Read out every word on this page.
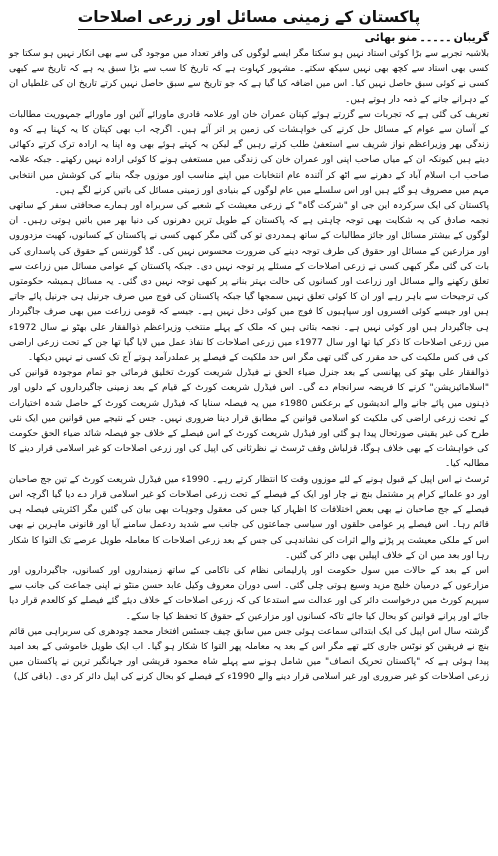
پاکستان کے زمینی مسائل اور زرعی اصلاحات
گریبان۔۔۔۔۔منو بھائی

بلاشبہ تجربے سے بڑا کوئی استاد نہیں ہو سکتا مگر ایسے لوگوں کی وافر تعداد میں موجود گی سے بھی انکار نہیں ہو سکتا جو کسی بھی استاد سے کچھ بھی نہیں سیکھ سکتے۔ مشہور کہاوت ہے کہ تاریخ کا سب سے بڑا سبق یہ ہے کہ تاریخ سے کبھی کسی نے کوئی سبق حاصل نہیں کیا۔ اس میں اضافہ کیا گیا ہے کہ جو تاریخ سے سبق حاصل نہیں کرتے تاریخ ان کی غلطیاں ان کے دہرانے جانے کے ذمہ دار ہوتے ہیں۔

تعریف کی گئی ہے کہ تجربات سے گزرتے ہوئے کپتان عمران خان اور علامہ قادری ماورائے آئین اور ماورائے جمہوریت مطالبات کے آسان سے عوام کے مسائل حل کرنے کی خواہشات کی زمین پر اتر آئے ہیں۔ اگرچہ اب بھی کپتان کا یہ کہنا ہے کہ وہ زندگی بھر وزیراعظم نواز شریف سے استعفیٰ طلب کرتے رہیں گے لیکن یہ کہتے ہوئے بھی وہ اپنا یہ ارادہ ترک کرتے دکھائی دیتے ہیں کیونکہ ان کے میاں صاحب اپنی اور عمران خان کی زندگی میں مستعفی ہونے کا کوئی ارادہ نہیں رکھتے۔ جبکہ علامہ صاحب اب اسلام آباد کے دھرنے سے اٹھ کر آئندہ عام انتخابات میں اپنے مناسب اور موزوں جگہ بنانے کی کوشش میں انتخابی مہم میں مصروف ہو گئے ہیں اور اس سلسلے میں عام لوگوں کے بنیادی اور زمینی مسائل کی باتیں کرنے لگے ہیں۔

پاکستان کی ایک سرکردہ این جی او "شرکت گاہ" کے زرعی معیشت کے شعبے کی سربراہ اور ہمارے صحافتی سفر کے ساتھی نجمہ صادق کی یہ شکایت بھی توجہ چاہتی ہے کہ پاکستان کے طویل ترین دھرنوں کی دنیا بھر میں باتیں ہوتی رہیں۔ ان لوگوں کے بیشتر مسائل اور جائز مطالبات کے ساتھ ہمدردی تو کی گئی مگر کبھی کسی نے پاکستان کے کسانوں، کھیت مزدوروں اور مزارعین کے مسائل اور حقوق کی طرف توجہ دینے کی ضرورت محسوس نہیں کی۔ گڈ گورننس کے حقوق کی پاسداری کی بات کی گئی مگر کبھی کسی نے زرعی اصلاحات کے مسئلے پر توجہ نہیں دی۔ جبکہ پاکستان کے عوامی مسائل میں زراعت سے تعلق رکھنے والے مسائل اور زراعت اور کسانوں کی حالت بہتر بنانے پر کبھی توجہ نہیں دی گئی۔ یہ مسائل ہمیشہ حکومتوں کی ترجیحات سے باہر رہے اور ان کا کوئی تعلق نہیں سمجھا گیا جبکہ پاکستان کی فوج میں صرف جرنیل ہی جرنیل پائے جاتے ہیں اور جیسے کوئی افسروں اور سپاہیوں کا فوج میں کوئی دخل نہیں ہے۔ جیسے کہ قومی زراعت میں بھی صرف جاگیردار ہی جاگیردار ہیں اور کوئی نہیں ہے۔ نجمہ بتاتی ہیں کہ ملک کے پہلے منتخب وزیراعظم ذوالفقار علی بھٹو نے سال 1972ء میں زرعی اصلاحات کا ذکر کیا تھا اور سال 1977ء میں زرعی اصلاحات کا نفاذ عمل میں لایا گیا تھا جن کے تحت زرعی اراضی کی فی کس ملکیت کی حد مقرر کی گئی تھی مگر اس حد ملکیت کے فیصلے پر عملدرآمد ہوتے آج تک کسی نے نہیں دیکھا۔

ذوالفقار علی بھٹو کی پھانسی کے بعد جنرل ضیاء الحق نے فیڈرل شریعت کورٹ تخلیق فرمائی جو تمام موجودہ قوانین کی "اسلامائیزیشن" کرنے کا فریضہ سرانجام دے گی۔ اس فیڈرل شریعت کورٹ کے قیام کے بعد زمینی جاگیرداروں کے دلوں اور ذہنوں میں پائے جانے والے اندیشوں کے برعکس 1980ء میں یہ فیصلہ سنایا کہ فیڈرل شریعت کورٹ کے حاصل شدہ اختیارات کے تحت زرعی اراضی کی ملکیت کو اسلامی قوانین کے مطابق قرار دینا ضروری نہیں۔ جس کے نتیجے میں قوانین میں ایک نئی طرح کی غیر یقینی صورتحال پیدا ہو گئی اور فیڈرل شریعت کورٹ کے اس فیصلے کے خلاف جو فیصلہ شائد ضیاء الحق حکومت کی خواہشات کے بھی خلاف ہوگا، قزلباش وقف ٹرسٹ نے نظرثانی کی اپیل کی اور زرعی اصلاحات کو غیر اسلامی قرار دینے کا مطالبہ کیا۔

ٹرسٹ نے اس اپیل کے قبول ہونے کے لئے موزوں وقت کا انتظار کرتے رہے۔ 1990ء میں فیڈرل شریعت کورٹ کے تین جج صاحبان اور دو علمائے کرام پر مشتمل بنچ نے چار اور ایک کے فیصلے کے تحت زرعی اصلاحات کو غیر اسلامی قرار دے دیا گیا اگرچہ اس فیصلے کے جج صاحبان نے بھی بعض اختلافات کا اظہار کیا جس کی معقول وجوہات بھی بیان کی گئیں مگر اکثریتی فیصلہ ہی قائم رہا۔ اس فیصلے پر عوامی حلقوں اور سیاسی جماعتوں کی جانب سے شدید ردعمل سامنے آیا اور قانونی ماہرین نے بھی اس کے ملکی معیشت پر پڑنے والے اثرات کی نشاندہی کی جس کے بعد زرعی اصلاحات کا معاملہ طویل عرصے تک التوا کا شکار رہا اور بعد میں ان کے خلاف اپیلیں بھی دائر کی گئیں۔

اس کے بعد کے حالات میں سول حکومت اور پارلیمانی نظام کی ناکامی کے ساتھ زمینداروں اور کسانوں، جاگیرداروں اور مزارعوں کے درمیان خلیج مزید وسیع ہوتی چلی گئی۔ اسی دوران معروف وکیل عابد حسن منٹو نے اپنی جماعت کی جانب سے سپریم کورٹ میں درخواست دائر کی اور عدالت سے استدعا کی کہ زرعی اصلاحات کے خلاف دیئے گئے فیصلے کو کالعدم قرار دیا جائے اور پرانے قوانین کو بحال کیا جائے تاکہ کسانوں اور مزارعین کے حقوق کا تحفظ کیا جا سکے۔

گزشتہ سال اس اپیل کی ایک ابتدائی سماعت ہوئی جس میں سابق چیف جسٹس افتخار محمد چودھری کی سربراہی میں قائم بنچ نے فریقین کو نوٹس جاری کئے تھے مگر اس کے بعد یہ معاملہ پھر التوا کا شکار ہو گیا۔ اب ایک طویل خاموشی کے بعد امید پیدا ہوئی ہے کہ "پاکستان تحریک انصاف" میں شامل ہونے سے پہلے شاہ محمود قریشی اور جہانگیر ترین نے پاکستان میں زرعی اصلاحات کو غیر ضروری اور غیر اسلامی قرار دینے والے 1990ء کے فیصلے کو بحال کرنے کی اپیل دائر کر دی۔ (باقی کل)
